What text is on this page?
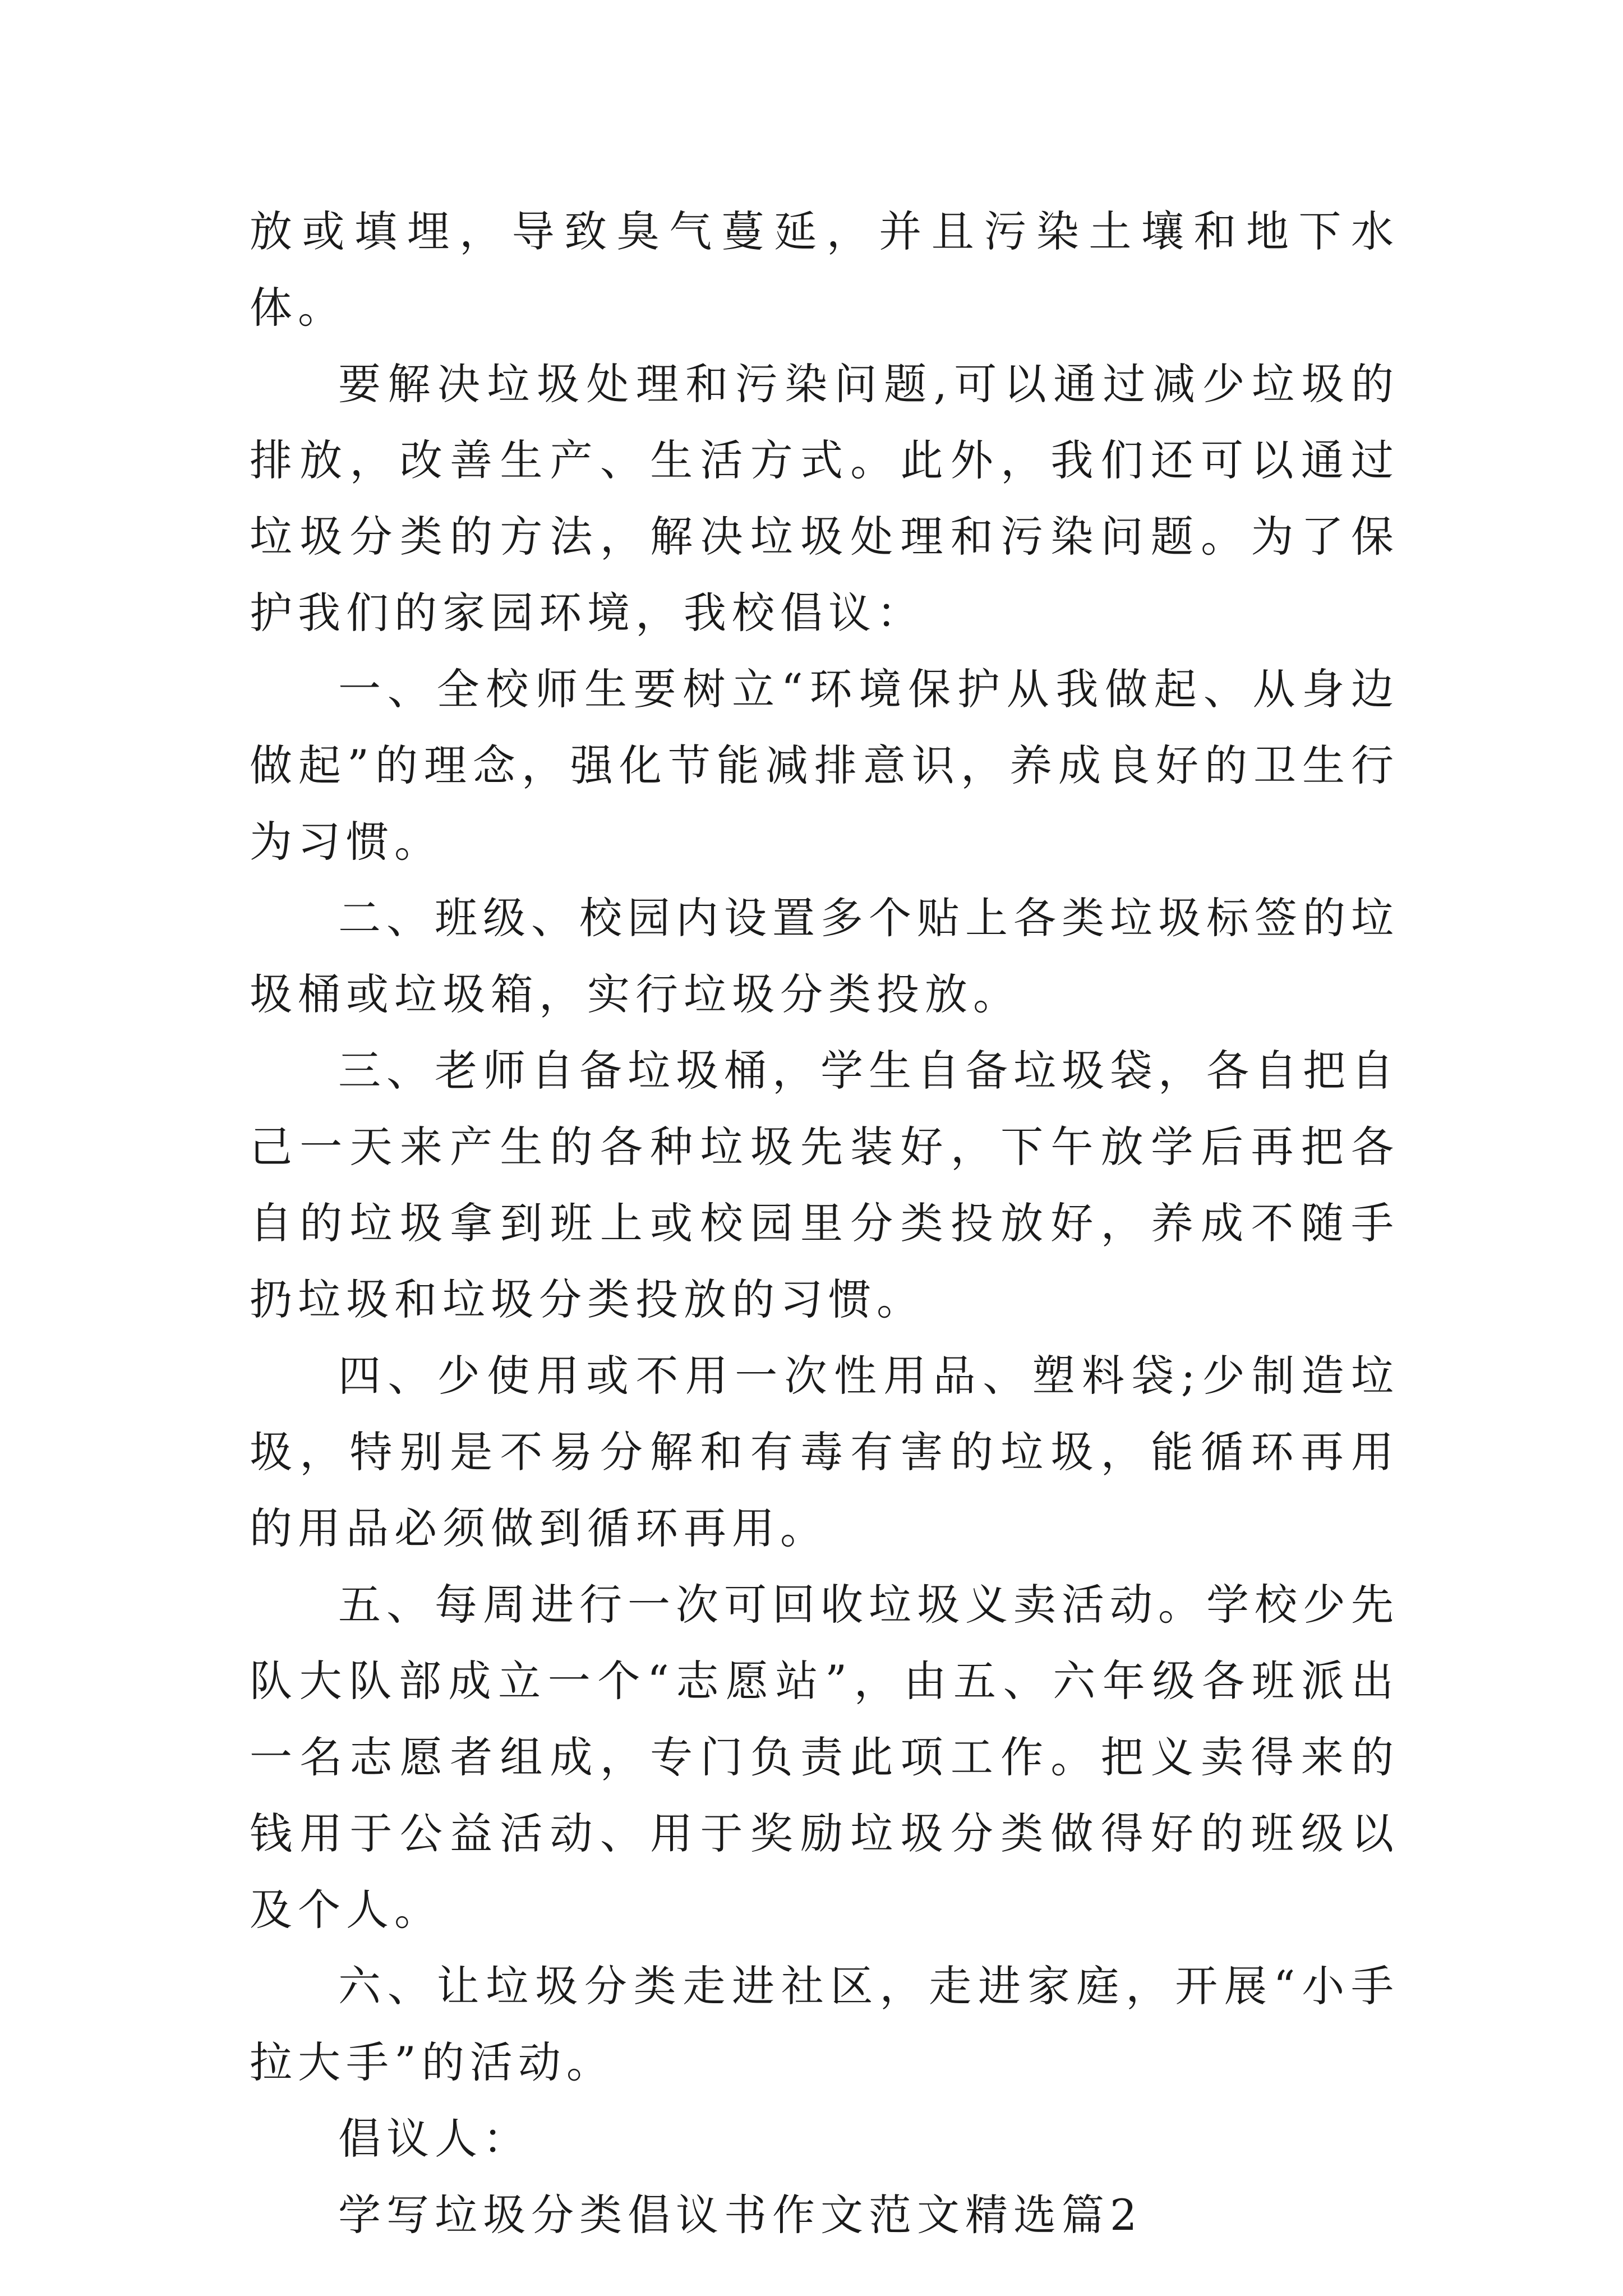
放或填埋，导致臭气蔓延，并且污染土壤和地下水体。

要解决垃圾处理和污染问题,可以通过减少垃圾的排放，改善生产、生活方式。此外，我们还可以通过垃圾分类的方法，解决垃圾处理和污染问题。为了保护我们的家园环境，我校倡议：

一、全校师生要树立“环境保护从我做起、从身边做起”的理念，强化节能减排意识，养成良好的卫生行为习惯。

二、班级、校园内设置多个贴上各类垃圾标签的垃圾桶或垃圾箱，实行垃圾分类投放。

三、老师自备垃圾桶，学生自备垃圾袋，各自把自己一天来产生的各种垃圾先装好，下午放学后再把各自的垃圾拿到班上或校园里分类投放好，养成不随手扔垃圾和垃圾分类投放的习惯。

四、少使用或不用一次性用品、塑料袋;少制造垃圾，特别是不易分解和有毒有害的垃圾，能循环再用的用品必须做到循环再用。

五、每周进行一次可回收垃圾义卖活动。学校少先队大队部成立一个“志愿站”，由五、六年级各班派出一名志愿者组成，专门负责此项工作。把义卖得来的钱用于公益活动、用于奖励垃圾分类做得好的班级以及个人。

六、让垃圾分类走进社区，走进家庭，开展“小手拉大手”的活动。

倡议人：

学写垃圾分类倡议书作文范文精选篇2
